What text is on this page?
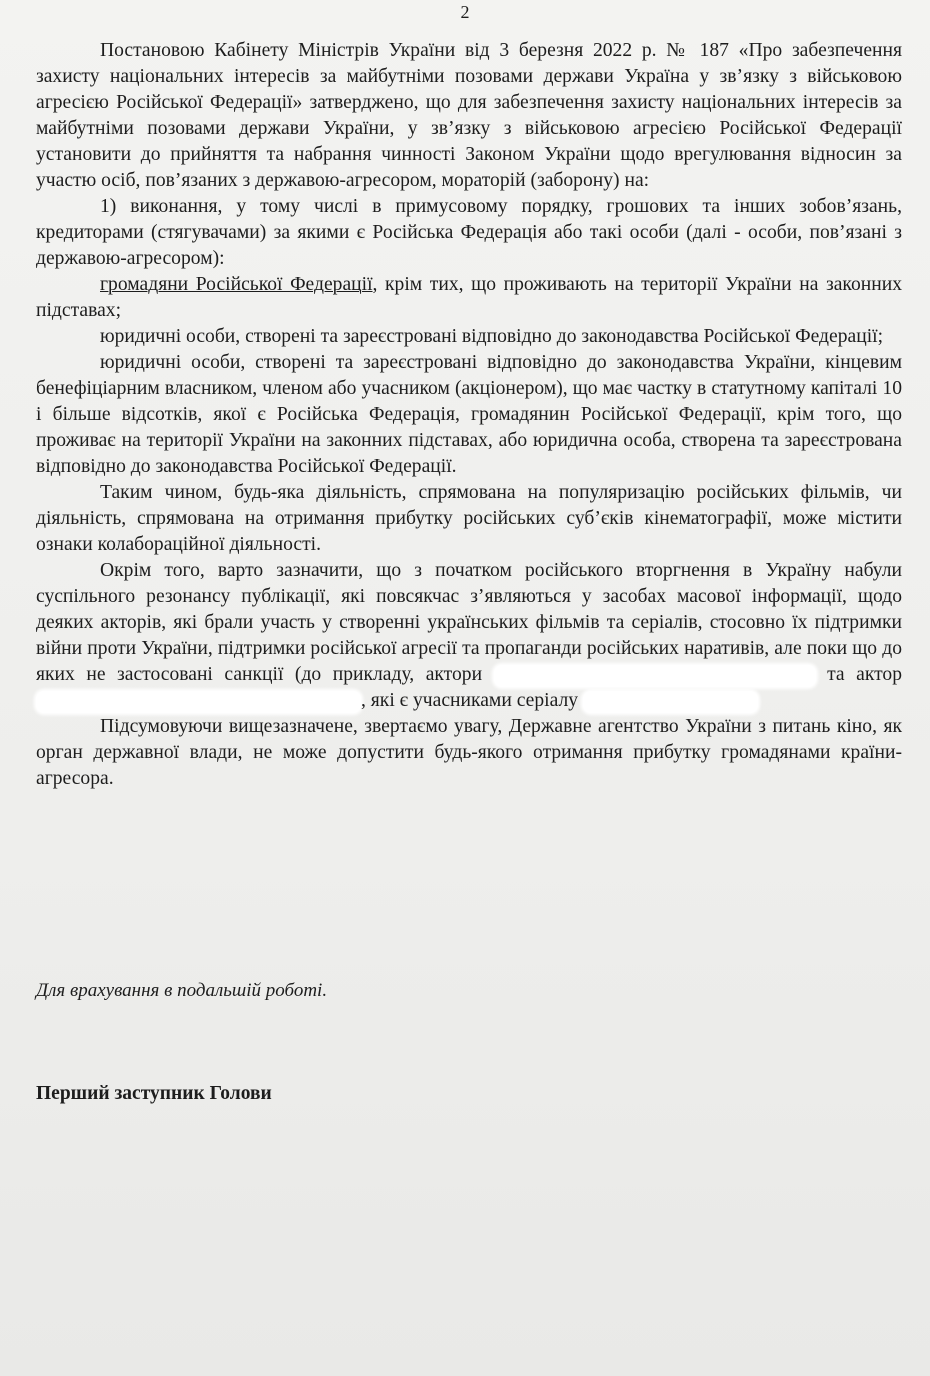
2

Постановою Кабінету Міністрів України від 3 березня 2022 р. № 187 «Про забезпечення захисту національних інтересів за майбутніми позовами держави Україна у зв’язку з військовою агресією Російської Федерації» затверджено, що для забезпечення захисту національних інтересів за майбутніми позовами держави України, у зв’язку з військовою агресією Російської Федерації установити до прийняття та набрання чинності Законом України щодо врегулювання відносин за участю осіб, пов’язаних з державою-агресором, мораторій (заборону) на:

1) виконання, у тому числі в примусовому порядку, грошових та інших зобов’язань, кредиторами (стягувачами) за якими є Російська Федерація або такі особи (далі - особи, пов’язані з державою-агресором):

громадяни Російської Федерації, крім тих, що проживають на території України на законних підставах;

юридичні особи, створені та зареєстровані відповідно до законодавства Російської Федерації;

юридичні особи, створені та зареєстровані відповідно до законодавства України, кінцевим бенефіціарним власником, членом або учасником (акціонером), що має частку в статутному капіталі 10 і більше відсотків, якої є Російська Федерація, громадянин Російської Федерації, крім того, що проживає на території України на законних підставах, або юридична особа, створена та зареєстрована відповідно до законодавства Російської Федерації.

Таким чином, будь-яка діяльність, спрямована на популяризацію російських фільмів, чи діяльність, спрямована на отримання прибутку російських суб’єків кінематографії, може містити ознаки колабораційної діяльності.

Окрім того, варто зазначити, що з початком російського вторгнення в Україну набули суспільного резонансу публікації, які повсякчас з’являються у засобах масової інформації, щодо деяких акторів, які брали участь у створенні українських фільмів та серіалів, стосовно їх підтримки війни проти України, підтримки російської агресії та пропаганди російських наративів, але поки що до яких не застосовані санкції (до прикладу, актори	та актор , які є учасниками серіалу

Підсумовуючи вищезазначене, звертаємо увагу, Державне агентство України з питань кіно, як орган державної влади, не може допустити будь-якого отримання прибутку громадянами країни-агресора.

Для врахування в подальшій роботі.

Перший заступник Голови
